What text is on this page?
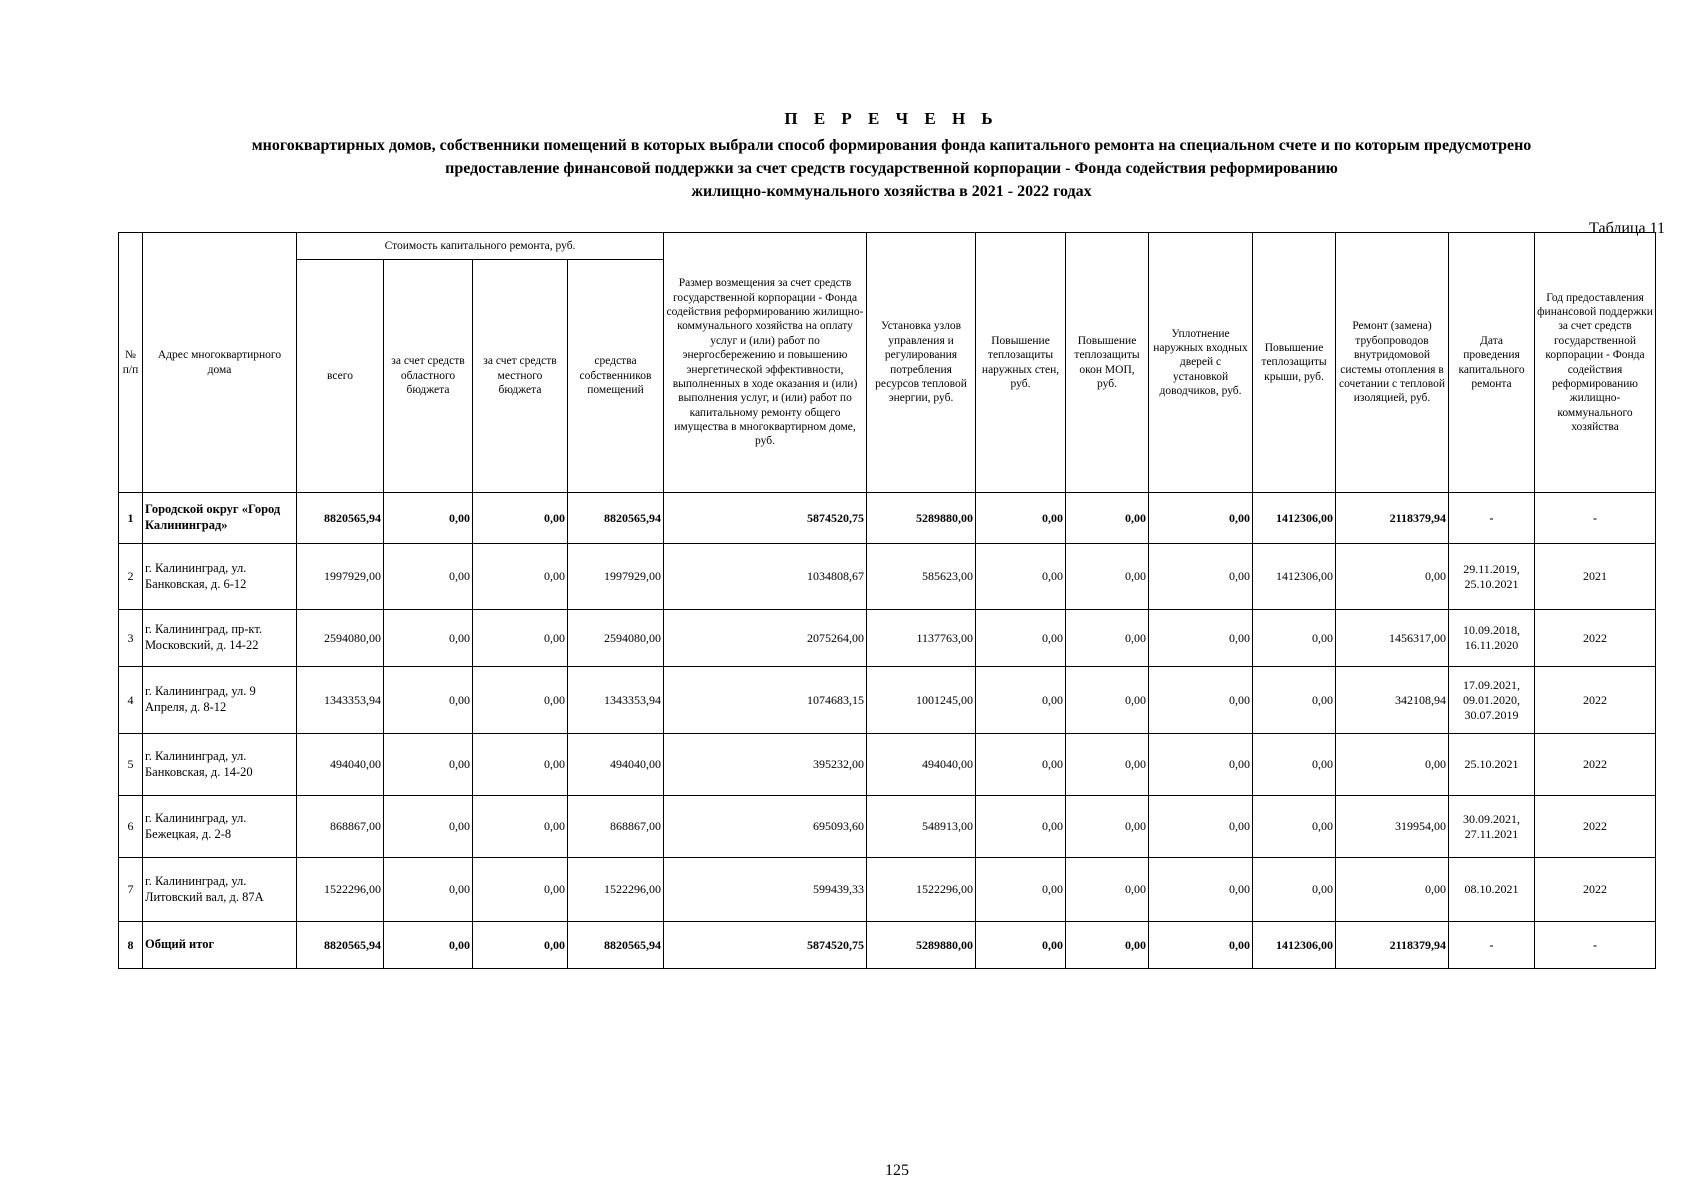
П Е Р Е Ч Е Н Ь
многоквартирных домов, собственники помещений в которых выбрали способ формирования фонда капитального ремонта на специальном счете и по которым предусмотрено
предоставление финансовой поддержки за счет средств государственной корпорации - Фонда содействия реформированию
жилищно-коммунального хозяйства в 2021 - 2022 годах
Таблица 11
№ п/п	Адрес многоквартирного дома	Стоимость капитального ремонта, руб.				Размер возмещения за счет средств государственной корпорации - Фонда содействия реформированию жилищно-коммунального хозяйства на оплату услуг и (или) работ по энергосбережению и повышению энергетической эффективности, выполненных в ходе оказания и (или) выполнения услуг, и (или) работ по капитальному ремонту общего имущества в многоквартирном доме, руб.	Установка узлов управления и регулирования потребления ресурсов тепловой энергии, руб.	Повышение теплозащиты наружных стен, руб.	Повышение теплозащиты окон МОП, руб.	Уплотнение наружных входных дверей с установкой доводчиков, руб.	Повышение теплозащиты крыши, руб.	Ремонт (замена) трубопроводов внутридомовой системы отопления в сочетании с тепловой изоляцией, руб.	Дата проведения капитального ремонта	Год предоставления финансовой поддержки за счет средств государственной корпорации - Фонда содействия реформированию жилищно-коммунального хозяйства
		всего	за счет средств областного бюджета	за счет средств местного бюджета	средства собственников помещений									
1	Городской округ «Город Калининград»	8820565,94	0,00	0,00	8820565,94	5874520,75	5289880,00	0,00	0,00	0,00	1412306,00	2118379,94	-	-
2	г. Калининград, ул. Банковская, д. 6-12	1997929,00	0,00	0,00	1997929,00	1034808,67	585623,00	0,00	0,00	0,00	1412306,00	0,00	29.11.2019, 25.10.2021	2021
3	г. Калининград, пр-кт. Московский, д. 14-22	2594080,00	0,00	0,00	2594080,00	2075264,00	1137763,00	0,00	0,00	0,00	0,00	1456317,00	10.09.2018, 16.11.2020	2022
4	г. Калининград, ул. 9 Апреля, д. 8-12	1343353,94	0,00	0,00	1343353,94	1074683,15	1001245,00	0,00	0,00	0,00	0,00	342108,94	17.09.2021, 09.01.2020, 30.07.2019	2022
5	г. Калининград, ул. Банковская, д. 14-20	494040,00	0,00	0,00	494040,00	395232,00	494040,00	0,00	0,00	0,00	0,00	0,00	25.10.2021	2022
6	г. Калининград, ул. Бежецкая, д. 2-8	868867,00	0,00	0,00	868867,00	695093,60	548913,00	0,00	0,00	0,00	0,00	319954,00	30.09.2021, 27.11.2021	2022
7	г. Калининград, ул. Литовский вал, д. 87А	1522296,00	0,00	0,00	1522296,00	599439,33	1522296,00	0,00	0,00	0,00	0,00	0,00	08.10.2021	2022
8	Общий итог	8820565,94	0,00	0,00	8820565,94	5874520,75	5289880,00	0,00	0,00	0,00	1412306,00	2118379,94	-	-
125
